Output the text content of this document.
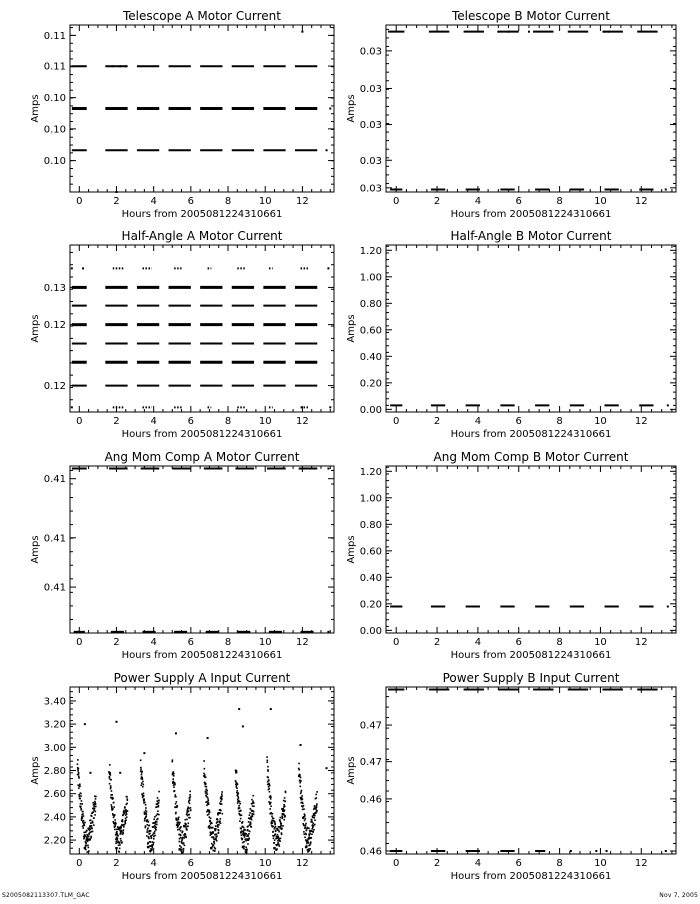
Telescope A Motor Current
Hours from 2005081224310661
Amps
0	2	4	6	8	10 12
0.11
0.11
0.10
0.10
0.10
Telescope B Motor Current
Hours from 2005081224310661
Amps
0	2	4	6	8	10	12
0.03
0.03
0.03
0.03
0.03
Half-Angle A Motor Current
Hours from 2005081224310661
Amps
0	2	4	6	8	10 12
0.13
0.12
0.12
Half-Angle B Motor Current
Hours from 2005081224310661
Amps
0	2	4	6	8	10	12
0.00
0.20
0.40
0.60
0.80
1.00
1.20
Ang Mom Comp A Motor Current
Hours from 2005081224310661
Amps
0	2	4	6	8	10 12
0.41
0.41
0.41
Ang Mom Comp B Motor Current
Hours from 2005081224310661
Amps
0	2	4	6	8	10	12
0.00
0.20
0.40
0.60
0.80
1.00
1.20
Power Supply A Input Current
Hours from 2005081224310661
Amps
0	2	4	6	8	10 12
2.20
2.40
2.60
2.80
3.00
3.20
3.40
Power Supply B Input Current
Hours from 2005081224310661
Amps
0	2	4	6	8	10	12
0.47
0.47
0.46
0.46
S2005082113307.TLM_GAC	Nov 7, 2005
